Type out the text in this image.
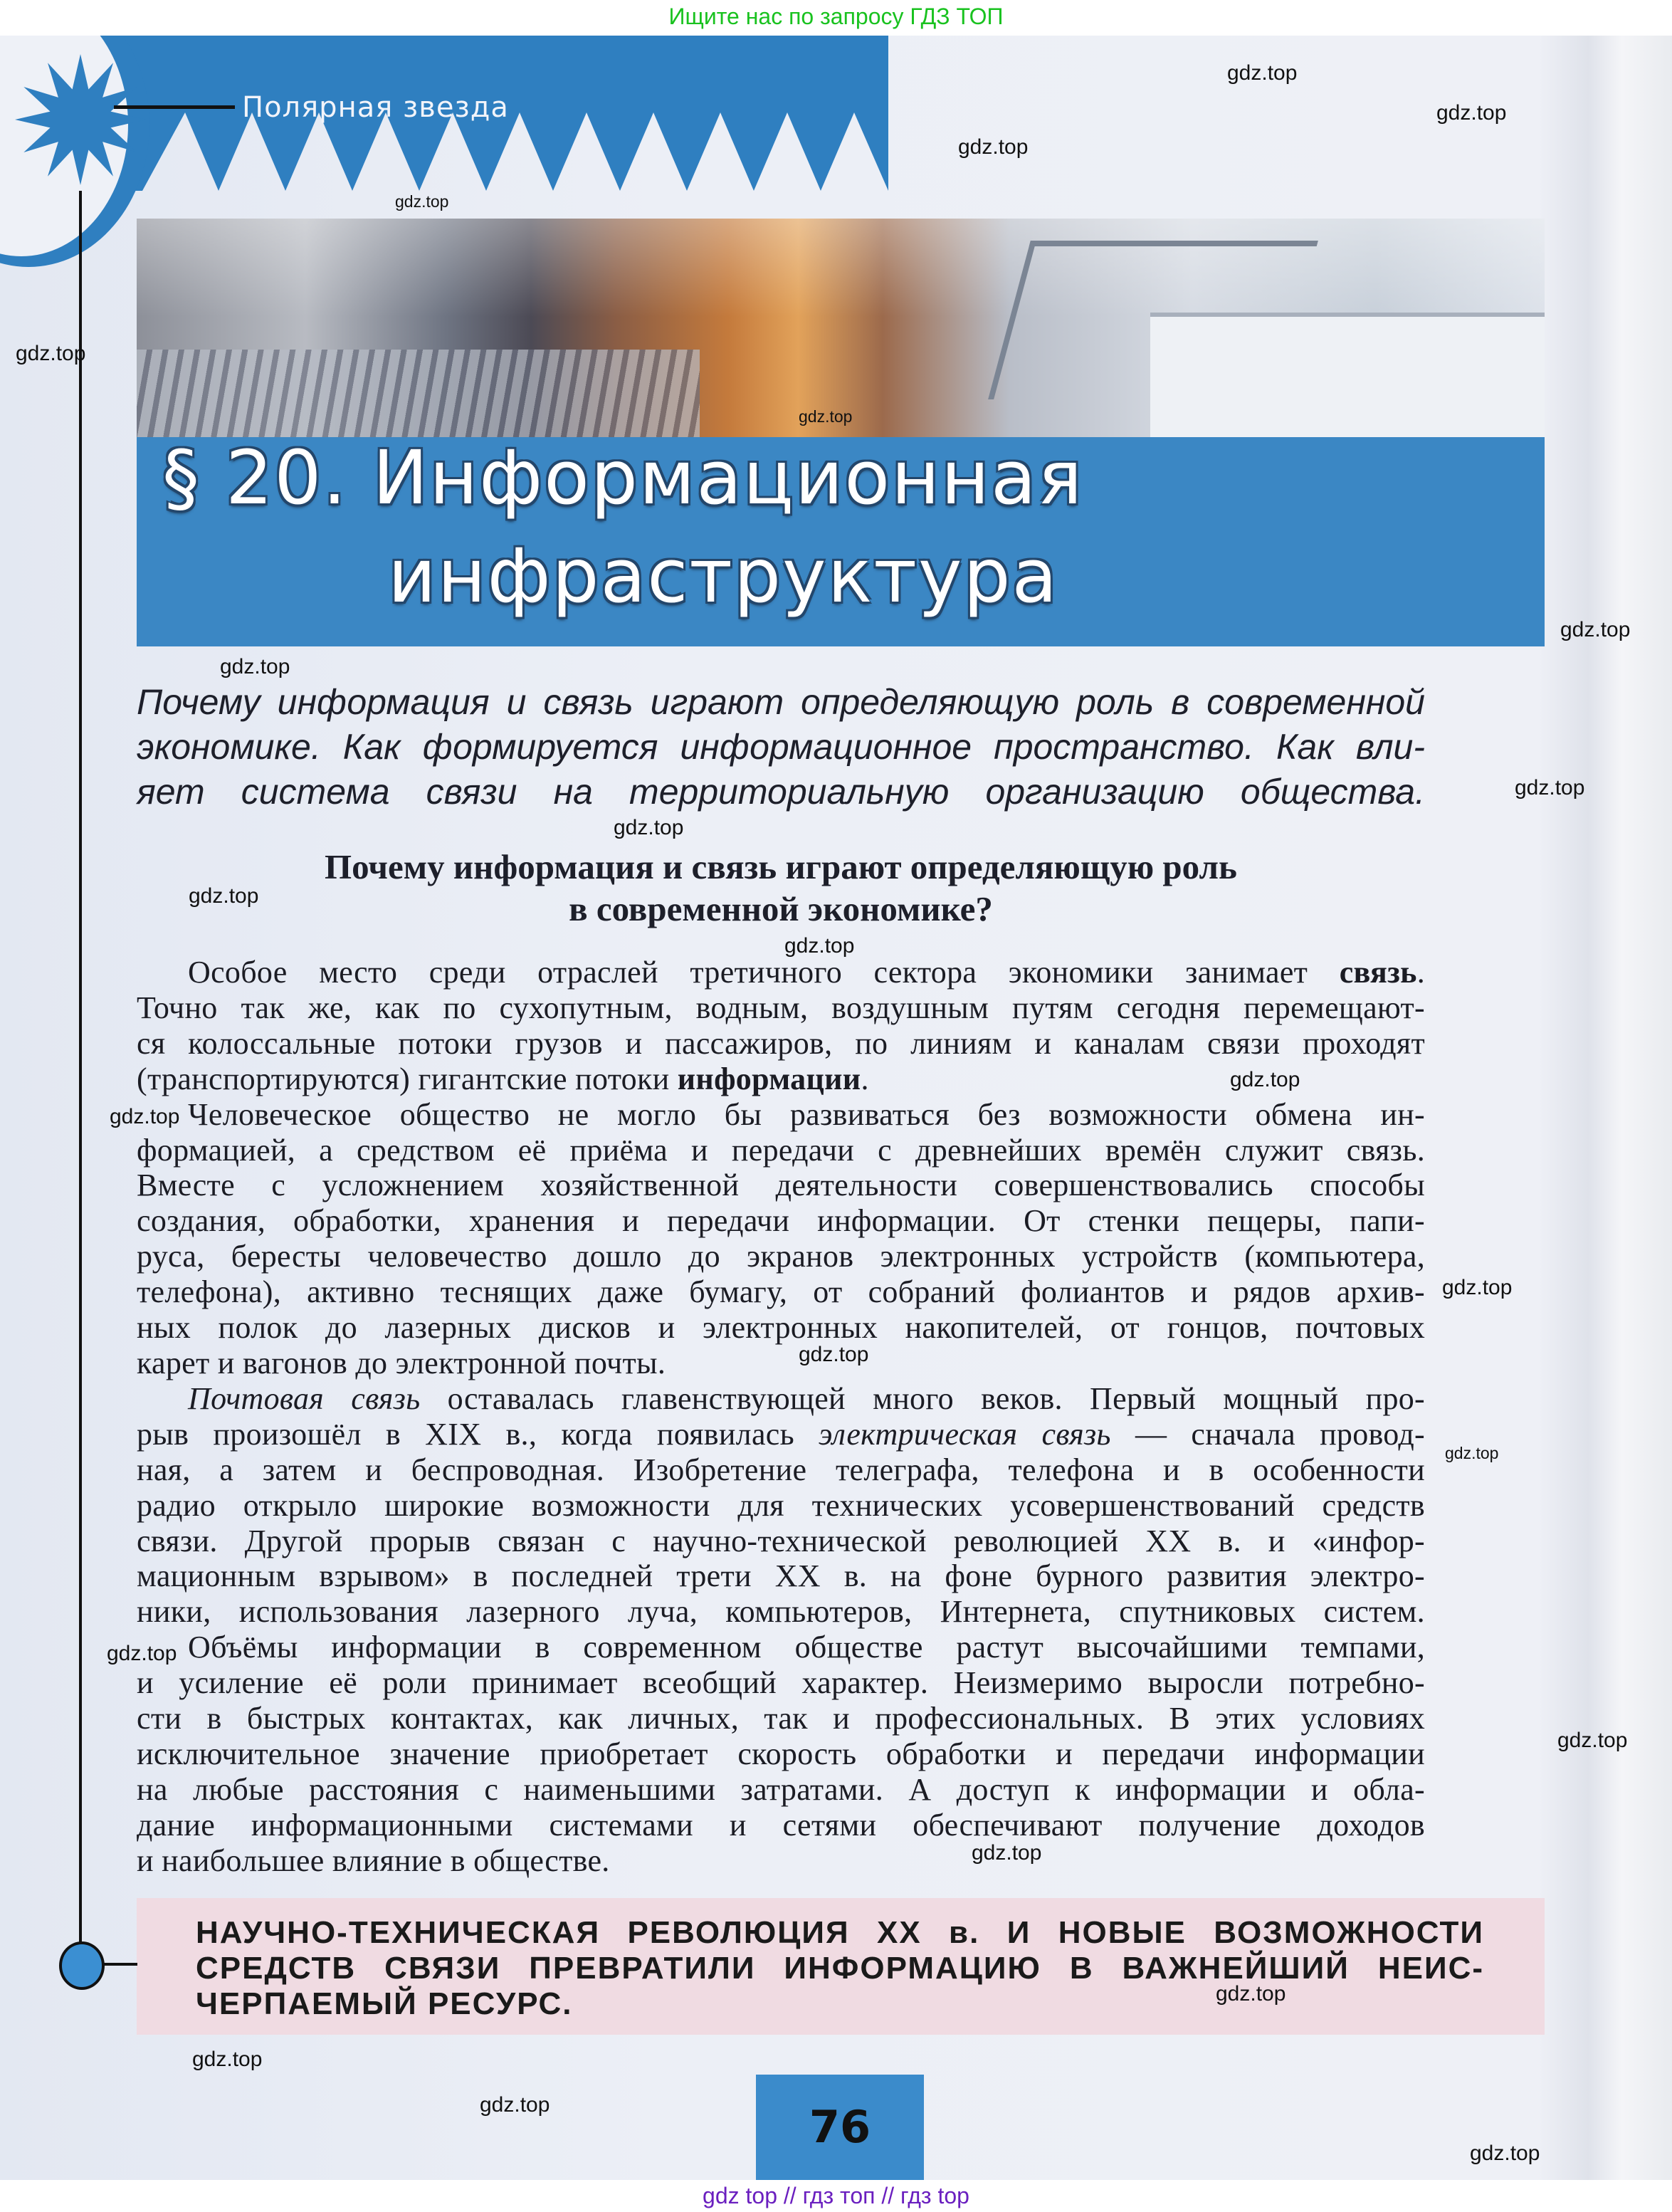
Ищите нас по запросу ГДЗ ТОП
Полярная звезда
§ 20. Информационная
инфраструктура
Почему информация и связь играют определяющую роль в современной
экономике. Как формируется информационное пространство. Как вли-
яет система связи на территориальную организацию общества.
Почему информация и связь играют определяющую роль
в современной экономике?
Особое место среди отраслей третичного сектора экономики занимает связь.
Точно так же, как по сухопутным, водным, воздушным путям сегодня перемещают-
ся колоссальные потоки грузов и пассажиров, по линиям и каналам связи проходят
(транспортируются) гигантские потоки информации.
Человеческое общество не могло бы развиваться без возможности обмена ин-
формацией, а средством её приёма и передачи с древнейших времён служит связь.
Вместе с усложнением хозяйственной деятельности совершенствовались способы
создания, обработки, хранения и передачи информации. От стенки пещеры, папи-
руса, бересты человечество дошло до экранов электронных устройств (компьютера,
телефона), активно теснящих даже бумагу, от собраний фолиантов и рядов архив-
ных полок до лазерных дисков и электронных накопителей, от гонцов, почтовых
карет и вагонов до электронной почты.
Почтовая связь оставалась главенствующей много веков. Первый мощный про-
рыв произошёл в XIX в., когда появилась электрическая связь — сначала провод-
ная, а затем и беспроводная. Изобретение телеграфа, телефона и в особенности
радио открыло широкие возможности для технических усовершенствований средств
связи. Другой прорыв связан с научно-технической революцией XX в. и «инфор-
мационным взрывом» в последней трети XX в. на фоне бурного развития электро-
ники, использования лазерного луча, компьютеров, Интернета, спутниковых систем.
Объёмы информации в современном обществе растут высочайшими темпами,
и усиление её роли принимает всеобщий характер. Неизмеримо выросли потребно-
сти в быстрых контактах, как личных, так и профессиональных. В этих условиях
исключительное значение приобретает скорость обработки и передачи информации
на любые расстояния с наименьшими затратами. А доступ к информации и обла-
дание информационными системами и сетями обеспечивают получение доходов
и наибольшее влияние в обществе.
НАУЧНО-ТЕХНИЧЕСКАЯ РЕВОЛЮЦИЯ XX в. И НОВЫЕ ВОЗМОЖНОСТИ
СРЕДСТВ СВЯЗИ ПРЕВРАТИЛИ ИНФОРМАЦИЮ В ВАЖНЕЙШИЙ НЕИС-
ЧЕРПАЕМЫЙ РЕСУРС.
76
gdz.top
gdz.top
gdz.top
gdz.top
gdz.top
gdz.top
gdz.top
gdz.top
gdz.top
gdz.top
gdz.top
gdz.top
gdz.top
gdz.top
gdz.top
gdz.top
gdz.top
gdz.top
gdz.top
gdz.top
gdz.top
gdz.top
gdz.top
gdz.top
gdz top // гдз топ // гдз top
